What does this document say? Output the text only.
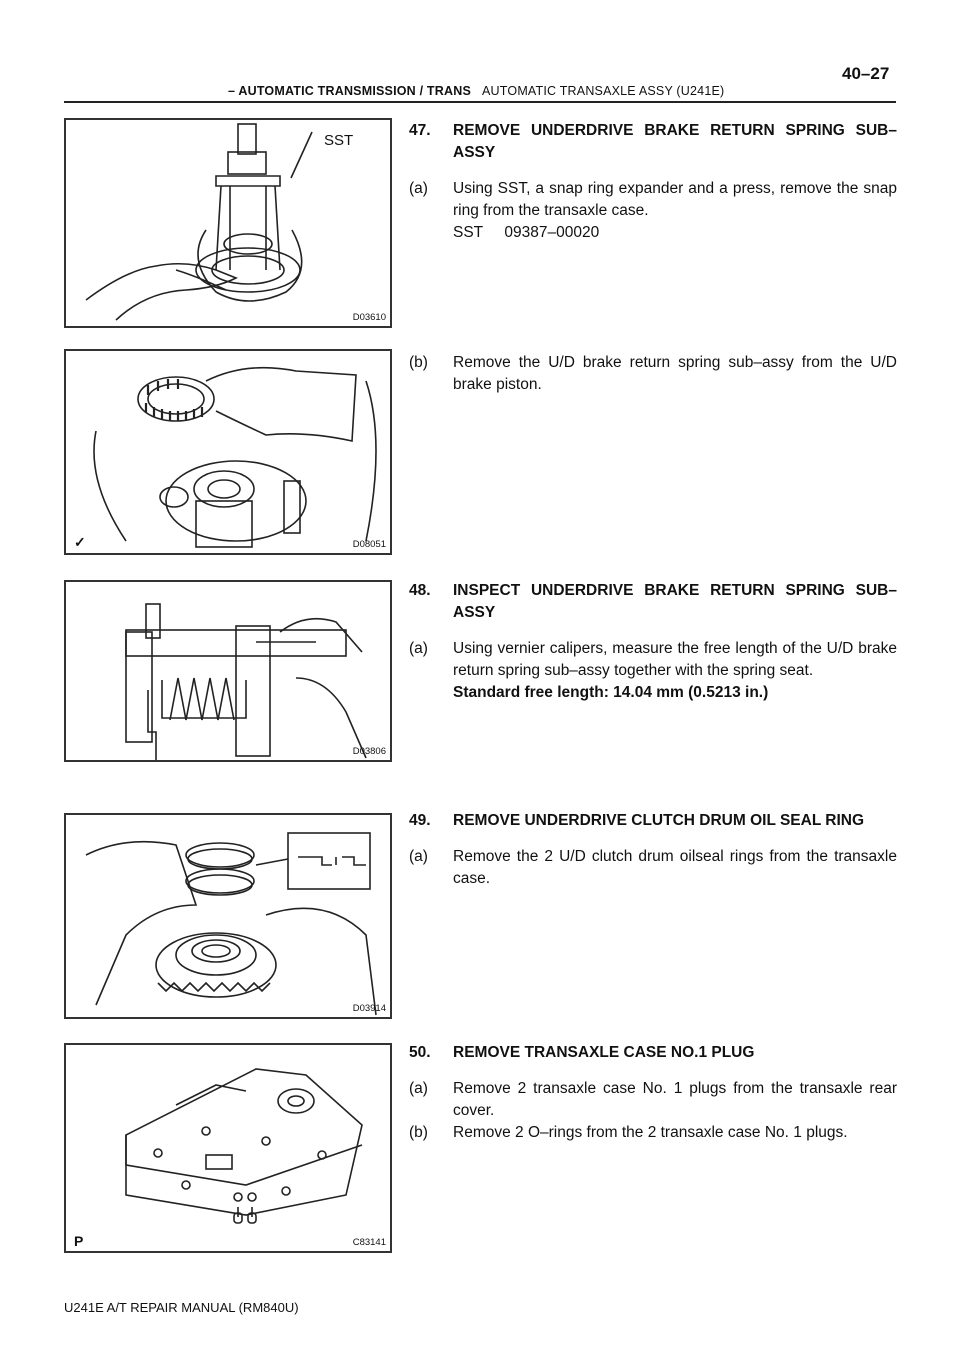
– AUTOMATIC TRANSMISSION / TRANS AUTOMATIC TRANSAXLE ASSY (U241E)
40–27
SST
D03610
✓	D08051
D03806
D03914
P	C83141
47.	REMOVE UNDERDRIVE BRAKE RETURN SPRING SUB–ASSY
(a)	Using SST, a snap ring expander and a press, remove the snap ring from the transaxle case.
SST     09387–00020
(b)	Remove the U/D brake return spring sub–assy from the U/D brake piston.
48.	INSPECT UNDERDRIVE BRAKE RETURN SPRING SUB–ASSY
(a)	Using vernier calipers, measure the free length of the U/D brake return spring sub–assy together with the spring seat.
Standard free length: 14.04 mm (0.5213 in.)
49.	REMOVE UNDERDRIVE CLUTCH DRUM OIL SEAL RING
(a)	Remove the 2 U/D clutch drum oilseal rings from the transaxle case.
50.	REMOVE TRANSAXLE CASE NO.1 PLUG
(a)	Remove 2 transaxle case No. 1 plugs from the transaxle rear cover.
(b)	Remove 2 O–rings from the 2 transaxle case No. 1 plugs.
U241E A/T REPAIR MANUAL (RM840U)
